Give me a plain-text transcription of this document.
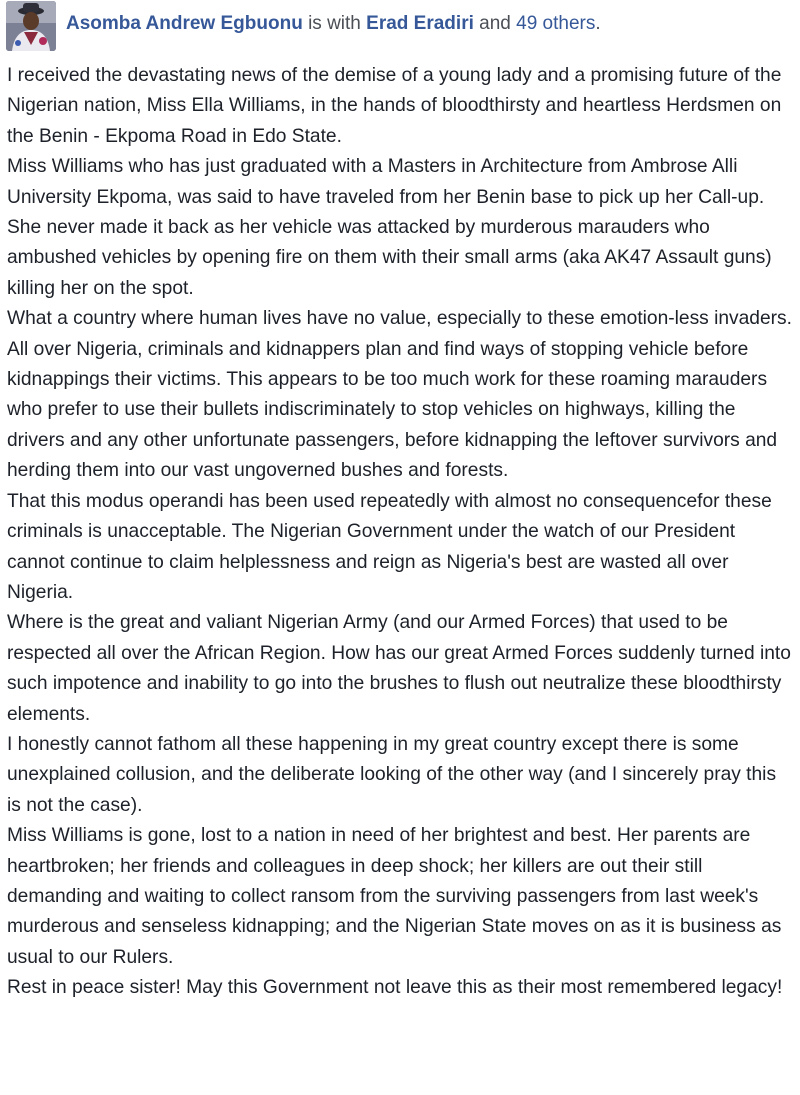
Asomba Andrew Egbuonu is with Erad Eradiri and 49 others.

I received the devastating news of the demise of a young lady and a promising future of the Nigerian nation, Miss Ella Williams, in the hands of bloodthirsty and heartless Herdsmen on the Benin - Ekpoma Road in Edo State.

Miss Williams who has just graduated with a Masters in Architecture from Ambrose Alli University Ekpoma, was said to have traveled from her Benin base to pick up her Call-up. She never made it back as her vehicle was attacked by murderous marauders who ambushed vehicles by opening fire on them with their small arms (aka AK47 Assault guns) killing her on the spot.

What a country where human lives have no value, especially to these emotion-less invaders.

All over Nigeria, criminals and kidnappers plan and find ways of stopping vehicle before kidnappings their victims. This appears to be too much work for these roaming marauders who prefer to use their bullets indiscriminately to stop vehicles on highways, killing the drivers and any other unfortunate passengers, before kidnapping the leftover survivors and herding them into our vast ungoverned bushes and forests.

That this modus operandi has been used repeatedly with almost no consequencefor these criminals is unacceptable. The Nigerian Government under the watch of our President cannot continue to claim helplessness and reign as Nigeria's best are wasted all over Nigeria.

Where is the great and valiant Nigerian Army (and our Armed Forces) that used to be respected all over the African Region. How has our great Armed Forces suddenly turned into such impotence and inability to go into the brushes to flush out neutralize these bloodthirsty elements.

I honestly cannot fathom all these happening in my great country except there is some unexplained collusion, and the deliberate looking of the other way (and I sincerely pray this is not the case).

Miss Williams is gone, lost to a nation in need of her brightest and best. Her parents are heartbroken; her friends and colleagues in deep shock; her killers are out their still demanding and waiting to collect ransom from the surviving passengers from last week's murderous and senseless kidnapping; and the Nigerian State moves on as it is business as usual to our Rulers.

Rest in peace sister! May this Government not leave this as their most remembered legacy!
